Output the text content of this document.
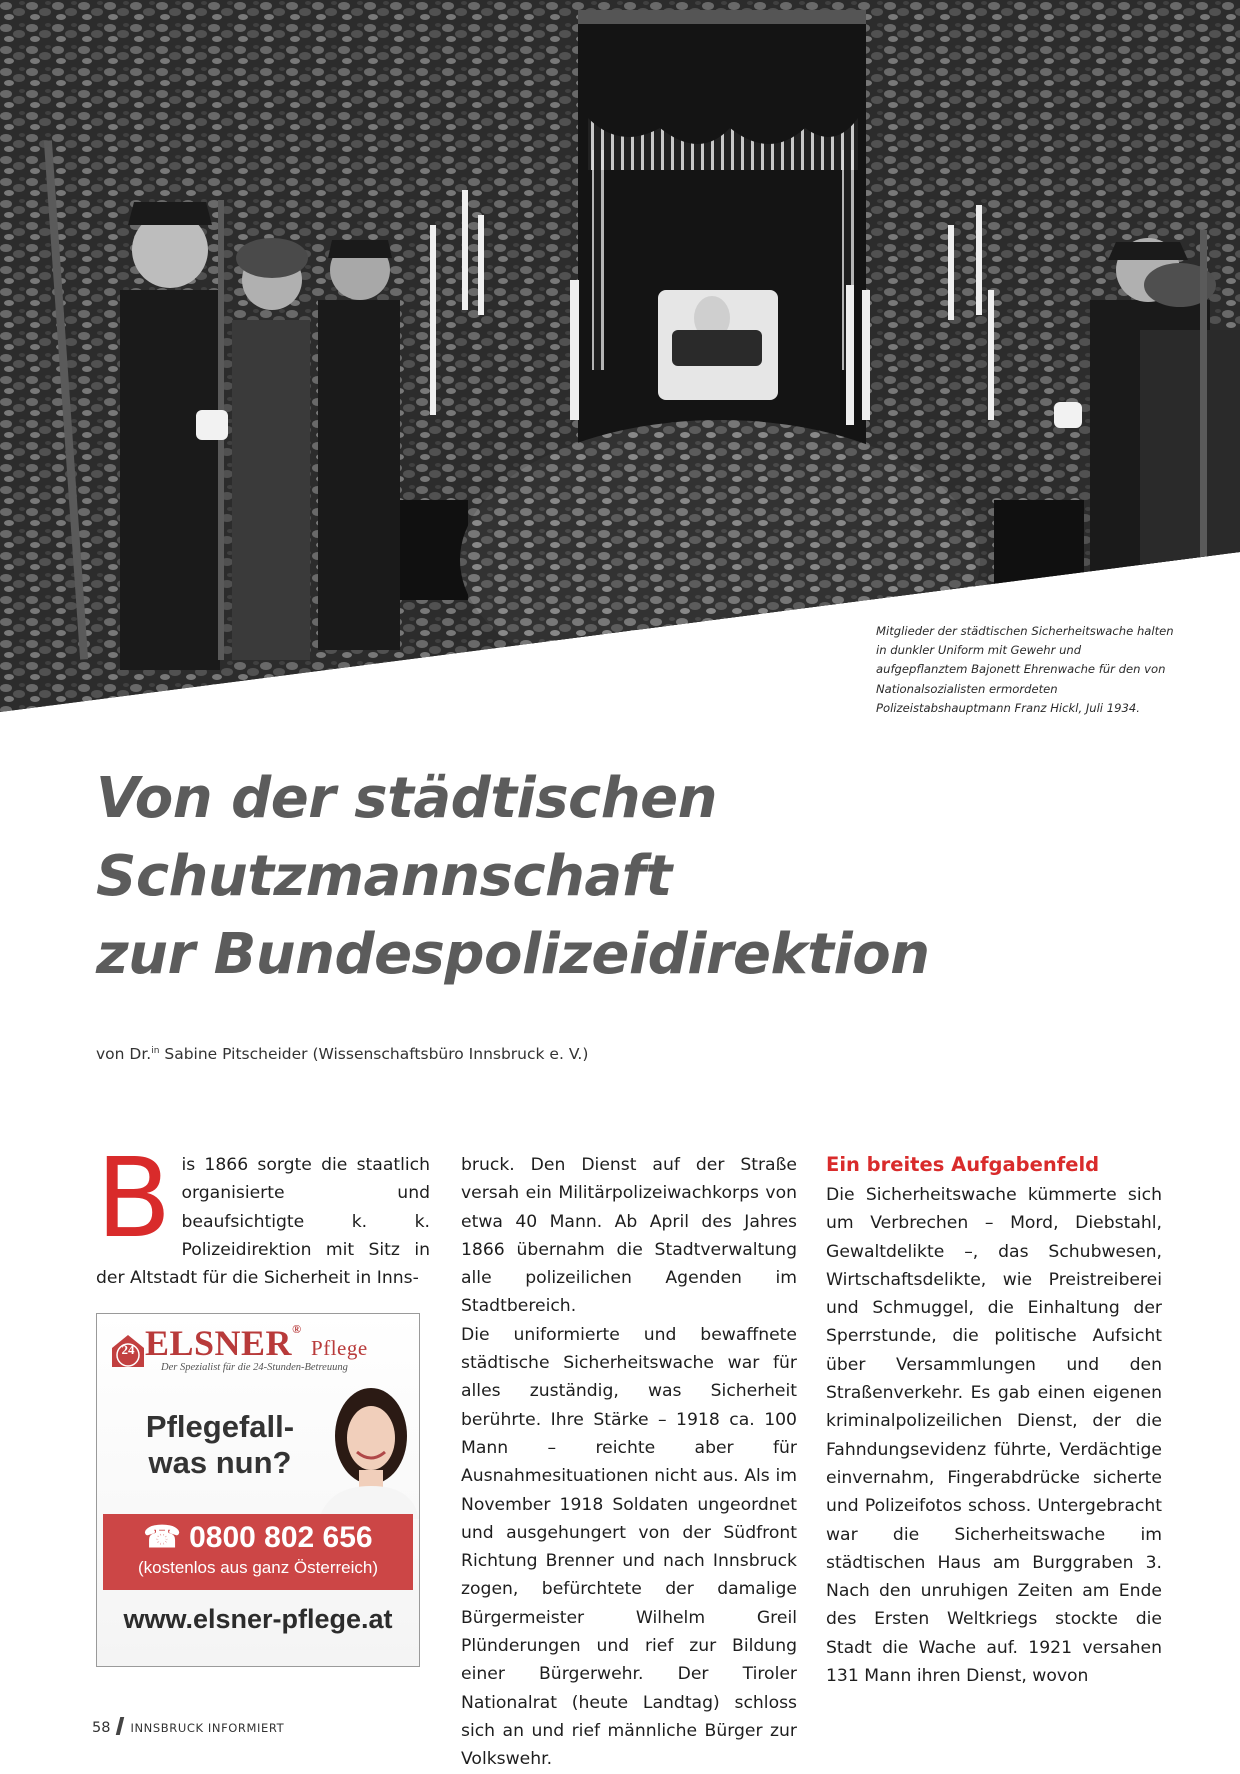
Mitglieder der städtischen Sicherheitswache halten in dunkler Uniform mit Gewehr und aufgepflanztem Bajonett Ehrenwache für den von Nationalsozialisten ermordeten Polizeistabshauptmann Franz Hickl, Juli 1934.

Von der städtischen
Schutzmannschaft
zur Bundespolizeidirektion

von Dr.$^{in}$ Sabine Pitscheider (Wissenschaftsbüro Innsbruck e. V.)

Bis 1866 sorgte die staatlich organisierte und beaufsichtigte k. k. Polizeidirektion mit Sitz in der Altstadt für die Sicherheit in Inns-

24 ELSNER® Pflege
Der Spezialist für die 24-Stunden-Betreuung
Pflegefall-
was nun?
☎ 0800 802 656
(kostenlos aus ganz Österreich)
www.elsner-pflege.at

bruck. Den Dienst auf der Straße versah ein Militärpolizeiwachkorps von etwa 40 Mann. Ab April des Jahres 1866 übernahm die Stadtverwaltung alle polizeilichen Agenden im Stadtbereich.

Die uniformierte und bewaffnete städtische Sicherheitswache war für alles zuständig, was Sicherheit berührte. Ihre Stärke – 1918 ca. 100 Mann – reichte aber für Ausnahmesituationen nicht aus. Als im November 1918 Soldaten ungeordnet und ausgehungert von der Südfront Richtung Brenner und nach Innsbruck zogen, befürchtete der damalige Bürgermeister Wilhelm Greil Plünderungen und rief zur Bildung einer Bürgerwehr. Der Tiroler Nationalrat (heute Landtag) schloss sich an und rief männliche Bürger zur Volkswehr.

Ein breites Aufgabenfeld

Die Sicherheitswache kümmerte sich um Verbrechen – Mord, Diebstahl, Gewaltdelikte –, das Schubwesen, Wirtschaftsdelikte, wie Preistreiberei und Schmuggel, die Einhaltung der Sperrstunde, die politische Aufsicht über Versammlungen und den Straßenverkehr. Es gab einen eigenen kriminalpolizeilichen Dienst, der die Fahndungsevidenz führte, Verdächtige einvernahm, Fingerabdrücke sicherte und Polizeifotos schoss. Untergebracht war die Sicherheitswache im städtischen Haus am Burggraben 3. Nach den unruhigen Zeiten am Ende des Ersten Weltkriegs stockte die Stadt die Wache auf. 1921 versahen 131 Mann ihren Dienst, wovon

58 INNSBRUCK INFORMIERT
